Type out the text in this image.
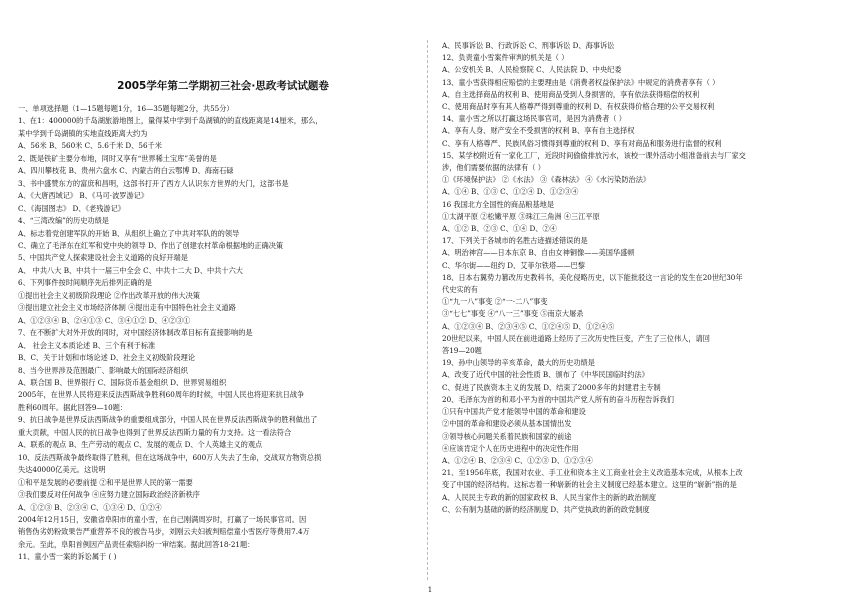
2005学年第二学期初三社会·思政考试试题卷
一、单项选择题（1—15题每题1分，16—35题每题2分，共55分）
1、在1：400000的千岛湖旅游地图上，量得某中学到千岛湖镇的的直线距离是14厘米，那么，
某中学到千岛湖镇的实地直线距离大约为
A、56米 B、560米 C、5.6千米 D、56千米
2、既是铁矿主要分布地，同时又享有“世界稀土宝库”美誉的是
A、四川攀枝花 B、贵州六盘水 C、内蒙古的白云鄂博 D、海南石碌
3、书中盛赞东方的富庶和昌明，这部书打开了西方人认识东方世界的大门，这部书是
A、《大唐西域记》 B、《马可·波罗游记》
C、《海国图志》 D、《老残游记》
4、“三湾改编”的历史功绩是
A、标志着党创建军队的开始 B、从组织上确立了中共对军队的的领导
C、确立了毛泽东在红军和党中央的领导 D、作出了创建农村革命根据地的正确决策
5、中国共产党人探索建设社会主义道路的良好开端是
A、 中共八大 B、中共十一届三中全会 C、中共十二大 D、中共十六大
6、下列事件按时间顺序先后排列正确的是
①提出社会主义初级阶段理论 ②作出改革开放的伟大决策
③提出建立社会主义市场经济体制 ④提出走有中国特色社会主义道路
A、①②③④ B、②④①③ C、③④①② D、④②③①
7、在不断扩大对外开放的同时，对中国经济体制改革目标有直接影响的是
A、 社会主义本质论述 B、三个有利于标准
B、C、关于计划和市场论述 D、社会主义初级阶段理论
8、当今世界涉及范围最广、影响最大的国际经济组织
A、联合国 B、世界银行 C、国际货币基金组织 D、世界贸易组织
2005年，在世界人民将迎来反法西斯战争胜利60周年的时候，中国人民也将迎来抗日战争
胜利60周年。据此回答9—10题：
9、抗日战争是世界反法西斯战争的重要组成部分，中国人民在世界反法西斯战争的胜利做出了
重大贡献，中国人民的抗日战争也得到了世界反法西斯力量的有力支持。这一看法符合
A、联系的观点 B、生产劳动的观点 C、发展的观点 D、个人英雄主义的观点
10、反法西斯战争最终取得了胜利，但在这场战争中，600万人失去了生命，交战双方物资总损
失达40000亿美元。这说明
①和平是发展的必要前提 ②和平是世界人民的第一需要
③我们要反对任何战争 ④应努力建立国际政治经济新秩序
A、①②③ B、②③④ C、①③④ D、①②④
2004年12月15日，安徽省阜阳市的童小雪，在自己刚满周岁时，打赢了一场民事官司。因
销售伪劣奶粉致果告严重营养不良的被告马步，刘刚云夫妇被判赔偿童小雪医疗等费用7.4万
余元。至此，阜阳首例因产品责任索赔纠纷一审结案。据此回答18-21题：
11、童小雪一案的诉讼属于 ( )
A、民事诉讼 B、行政诉讼 C、刑事诉讼 D、海事诉讼
12、负责童小雪案件审判的机关是（ ）
A、公安机关 B、人民检察院 C、人民法院 D、中央纪委
13、童小雪获得相应赔偿的主要理由是《消费者权益保护法》中规定的消费者享有（ ）
A、自主选择商品的权利 B、使用商品受到人身损害的，享有依法获得赔偿的权利
C、使用商品时享有其人格尊严得到尊重的权利 D、有权获得价格合理的公平交易权利
14、童小雪之所以打赢这场民事官司，是因为消费者（ ）
A、享有人身、财产安全不受损害的权利 B、享有自主选择权
C、享有人格尊严、民族风俗习惯得到尊重的权利 D、享有对商品和服务进行监督的权利
15、某学校附近有一家化工厂，近段时间偷偷排放污水，该校一课外活动小组准备前去与厂家交
涉，他们需要依据的法律有（ ）
①《环境保护法》 ②《水法》 ③《森林法》 ④《水污染防治法》
A、①④ B、①③ C、①②④ D、①②③④
16 我国北方全国性的商品粮基地是
①太湖平原 ②松嫩平原 ③珠江三角洲 ④三江平原
A、①② B、②③ C、①④ D、②④
17、下列关于各城市的名胜古迹描述错误的是
A、明治神宫——日本东京 B、自由女神铜像——美国华盛顿
C、华尔街——纽约 D、艾菲尔铁塔——巴黎
18、日本右翼势力篡改历史教科书，美化侵略历史，以下能批驳这一言论的发生在20世纪30年
代史实的有
①“九一八”事变 ②“一·二八”事变
③“七七”事变 ④“八一三”事变 ⑤南京大屠杀
A、①②③④ B、②③④⑤ C、①②④⑤ D、①②④⑤
20世纪以来，中国人民在前进道路上经历了三次历史性巨变，产生了三位伟人，请回
答19—20题
19、孙中山领导的辛亥革命，最大的历史功绩是
A、改变了近代中国的社会性质 B、颁布了《中华民国临时约法》
C、促进了民族资本主义的发展 D、结束了2000多年的封建君主专制
20、毛泽东为首的和邓小平为首的中国共产党人所有的奋斗历程告诉我们
①只有中国共产党才能领导中国的革命和建设
②中国的革命和建设必须从基本国情出发
③领导核心问题关系着民族和国家的前途
④应该肯定个人在历史进程中的决定性作用
A、①②④ B、②③④ C、①②③ D、①②③④
21、至1956年底，我国对农业、手工业和资本主义工商业社会主义改造基本完成，从根本上改
变了中国的经济结构。这标志着一种崭新的社会主义制度已经基本建立。这里的“崭新”指的是
A、人民民主专政的新的国家政权 B、人民当家作主的新的政治制度
C、公有制为基础的新的经济制度 D、共产党执政的新的政党制度
1
